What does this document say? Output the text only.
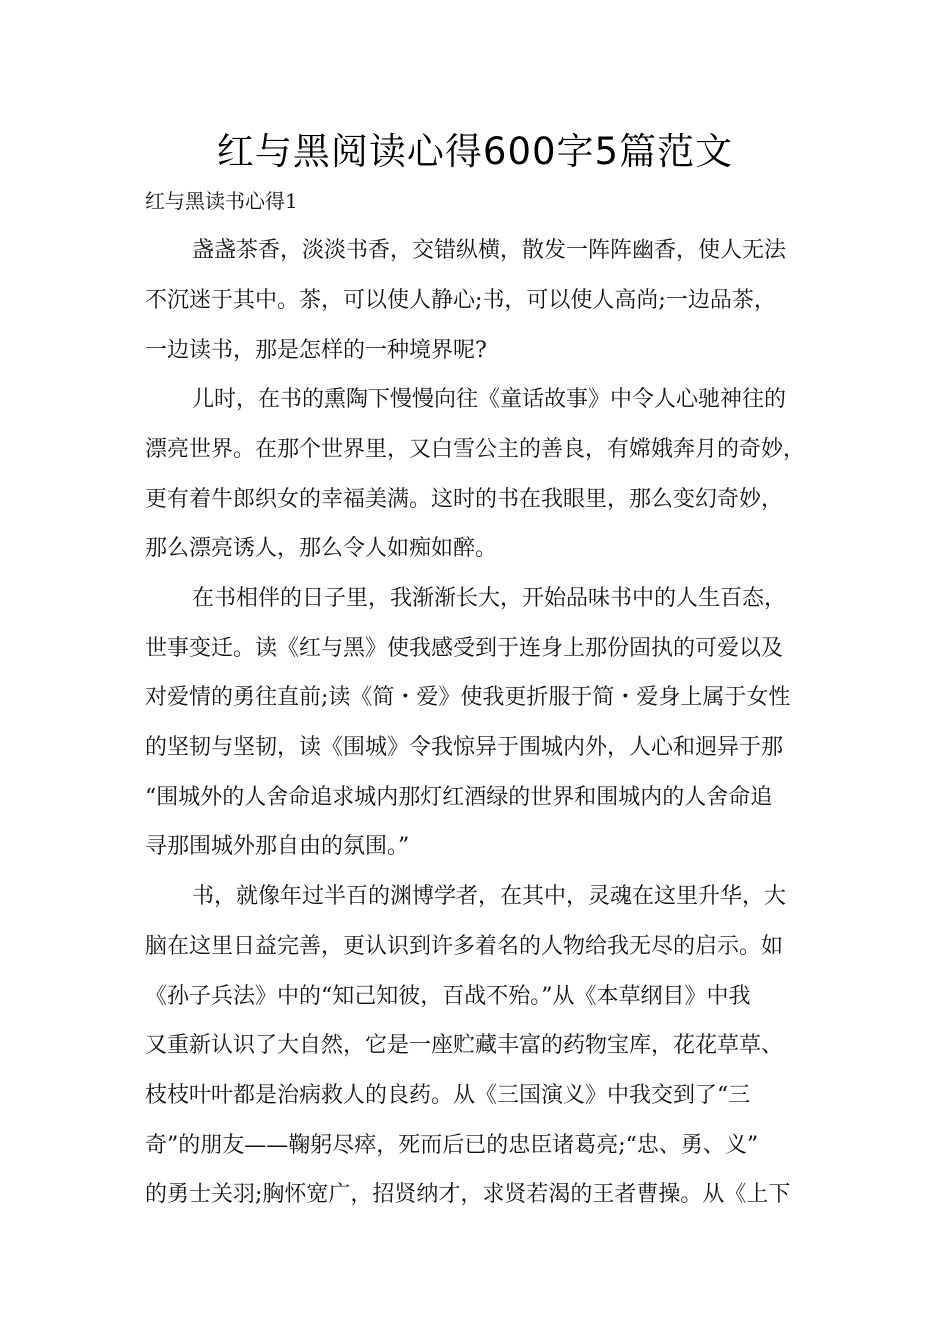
红与黑阅读心得600字5篇范文
红与黑读书心得1
盏盏茶香，淡淡书香，交错纵横，散发一阵阵幽香，使人无法
不沉迷于其中。茶，可以使人静心;书，可以使人高尚;一边品茶，
一边读书，那是怎样的一种境界呢?
儿时，在书的熏陶下慢慢向往《童话故事》中令人心驰神往的
漂亮世界。在那个世界里，又白雪公主的善良，有嫦娥奔月的奇妙，
更有着牛郎织女的幸福美满。这时的书在我眼里，那么变幻奇妙，
那么漂亮诱人，那么令人如痴如醉。
在书相伴的日子里，我渐渐长大，开始品味书中的人生百态，
世事变迁。读《红与黑》使我感受到于连身上那份固执的可爱以及
对爱情的勇往直前;读《简・爱》使我更折服于简・爱身上属于女性
的坚韧与坚韧，读《围城》令我惊异于围城内外，人心和迥异于那
“围城外的人舍命追求城内那灯红酒绿的世界和围城内的人舍命追
寻那围城外那自由的氛围。”
书，就像年过半百的渊博学者，在其中，灵魂在这里升华，大
脑在这里日益完善，更认识到许多着名的人物给我无尽的启示。如
《孙子兵法》中的“知己知彼，百战不殆。”从《本草纲目》中我
又重新认识了大自然，它是一座贮藏丰富的药物宝库，花花草草、
枝枝叶叶都是治病救人的良药。从《三国演义》中我交到了“三
奇”的朋友——鞠躬尽瘁，死而后已的忠臣诸葛亮;“忠、勇、义”
的勇士关羽;胸怀宽广，招贤纳才，求贤若渴的王者曹操。从《上下
